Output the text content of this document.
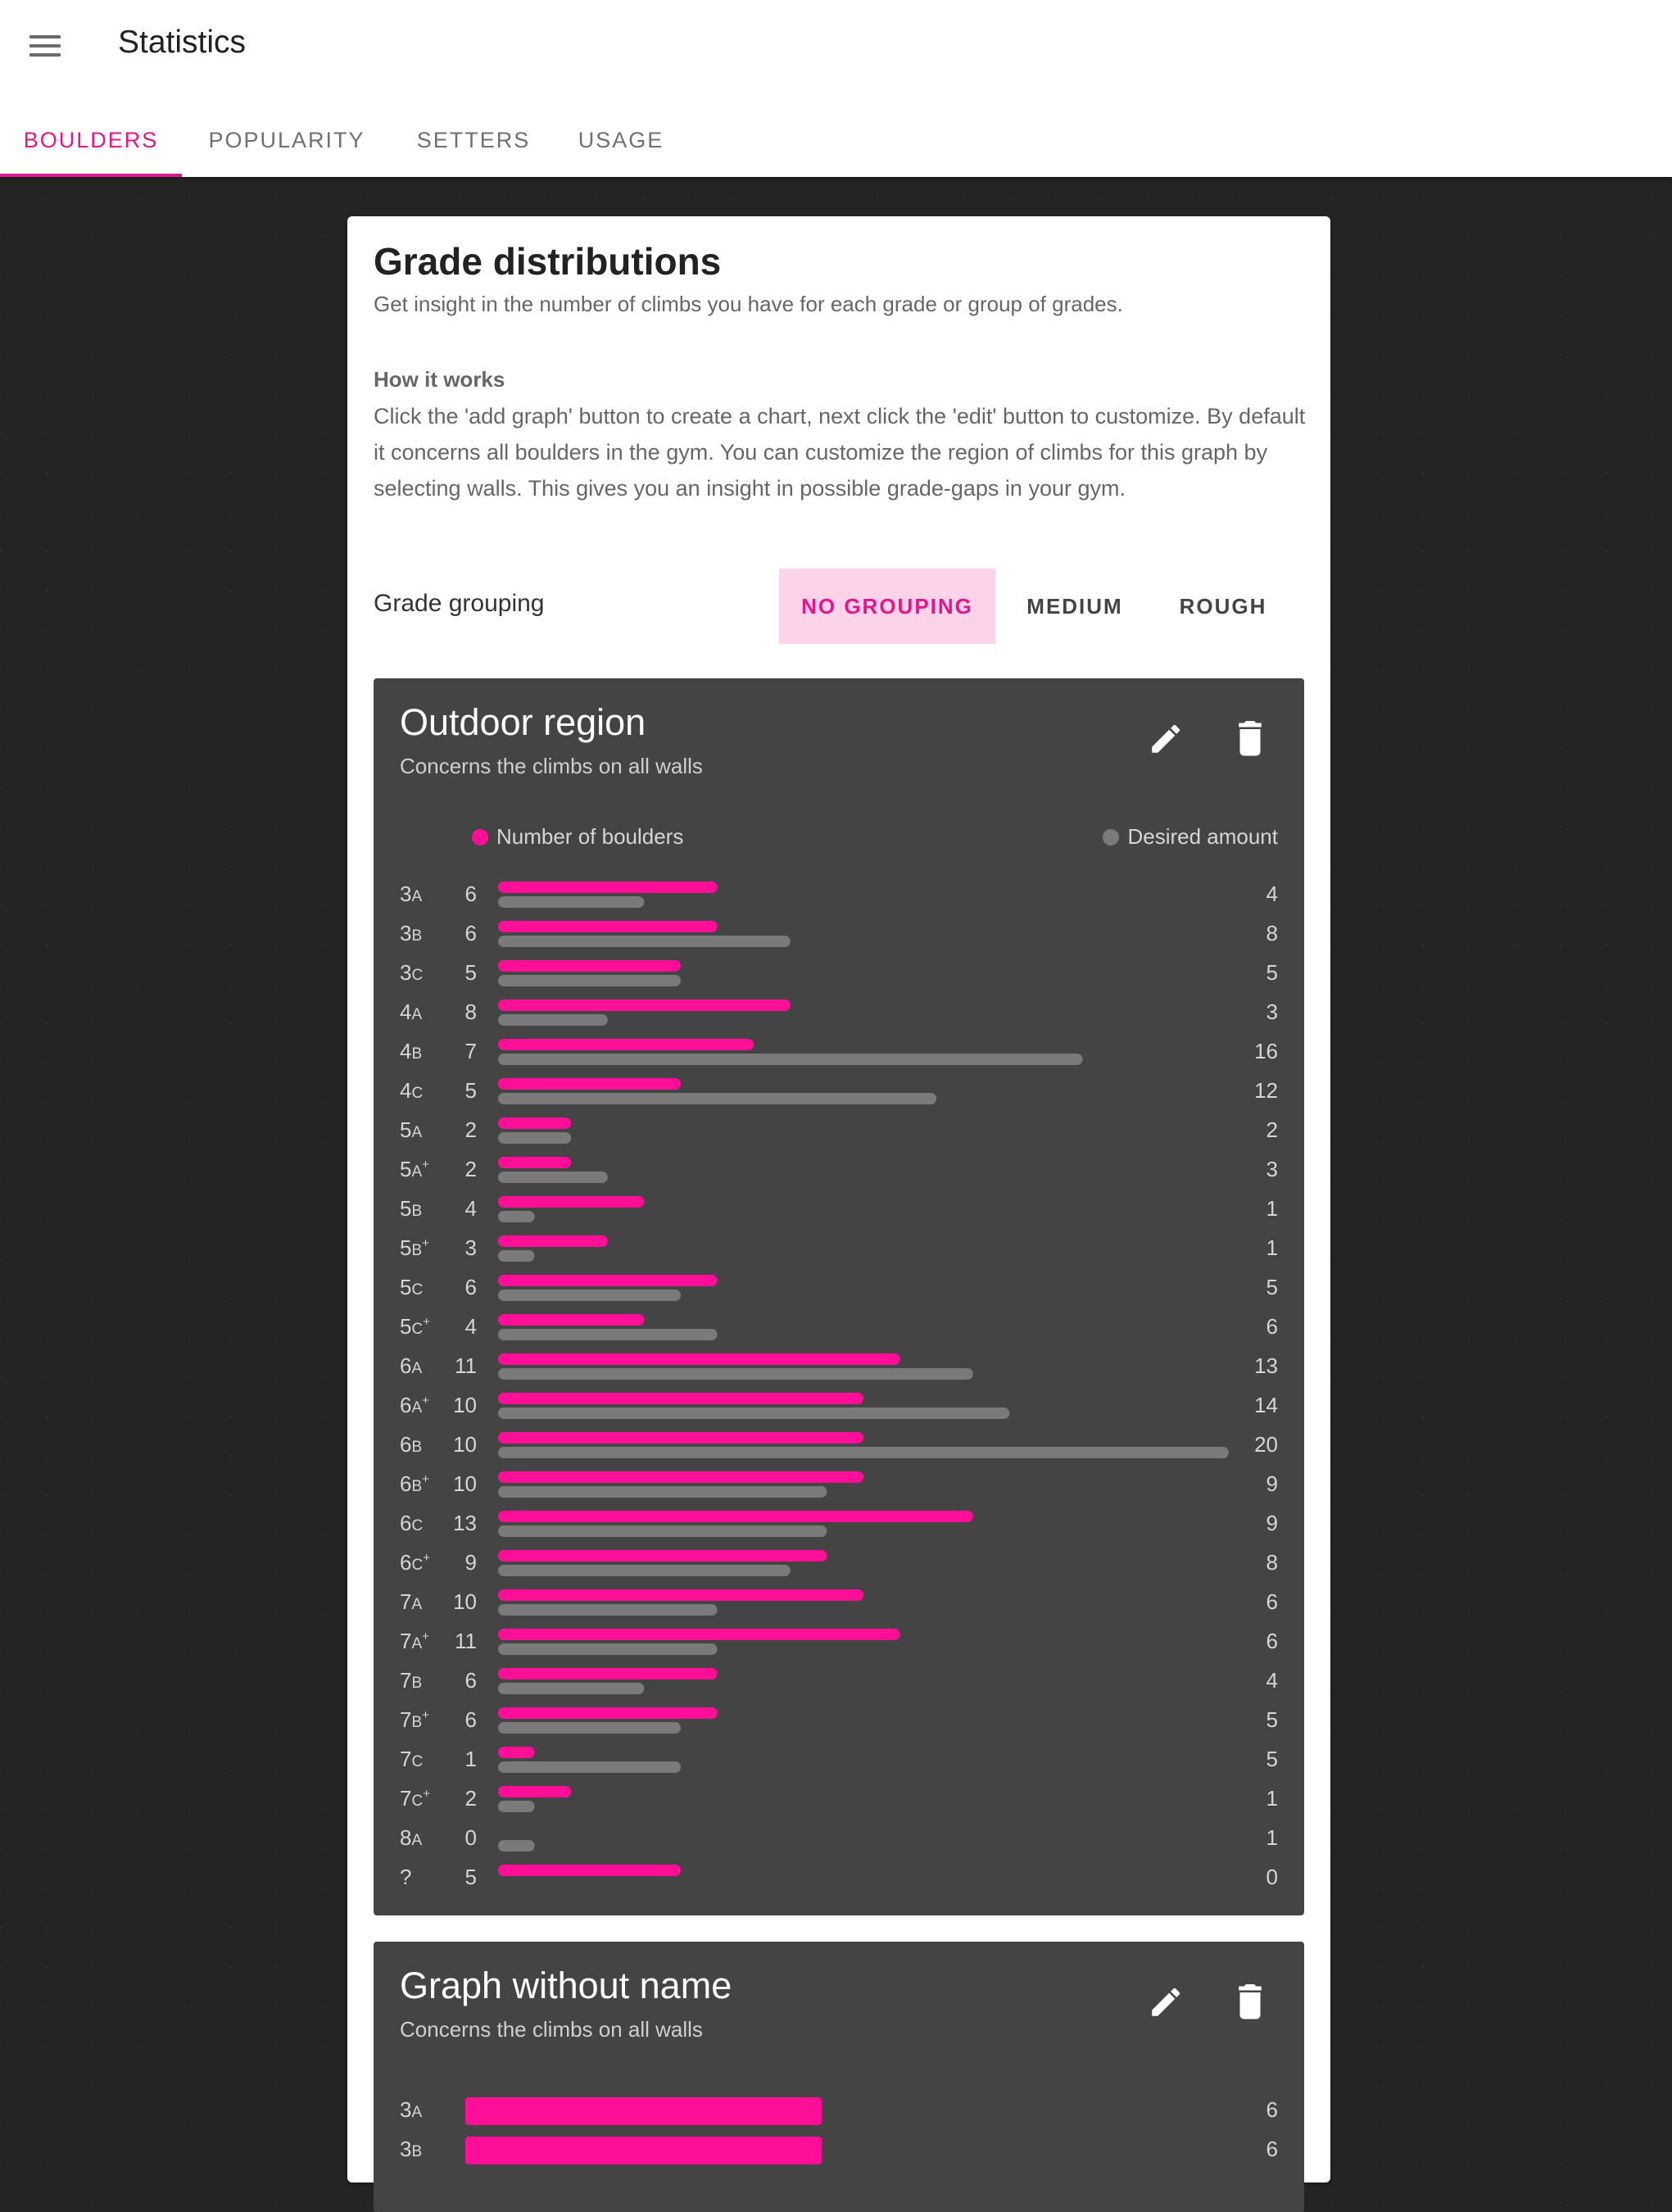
Statistics
BOULDERS	POPULARITY	SETTERS	USAGE
Grade distributions

Get insight in the number of climbs you have for each grade or group of grades.

How it works

Click the 'add graph' button to create a chart, next click the 'edit' button to customize. By default it concerns all boulders in the gym. You can customize the region of climbs for this graph by selecting walls. This gives you an insight in possible grade-gaps in your gym.

Grade grouping	NO GROUPING	MEDIUM	ROUGH
Outdoor region
Concerns the climbs on all walls
Number of boulders	Desired amount
3A 6	4
3B 6	8
3C 5	5
4A 8	3
4B 7	16
4C 5	12
5A 2	2
5A+ 2	3
5B 4	1
5B+ 3	1
5C 6	5
5C+ 4	6
6A 11	13
6A+ 10	14
6B 10	20
6B+ 10	9
6C 13	9
6C+ 9	8
7A 10	6
7A+ 11	6
7B 6	4
7B+ 6	5
7C 1	5
7C+ 2	1
8A 0	1
?	5	0
Graph without name
Concerns the climbs on all walls
3A	6
3B	6
